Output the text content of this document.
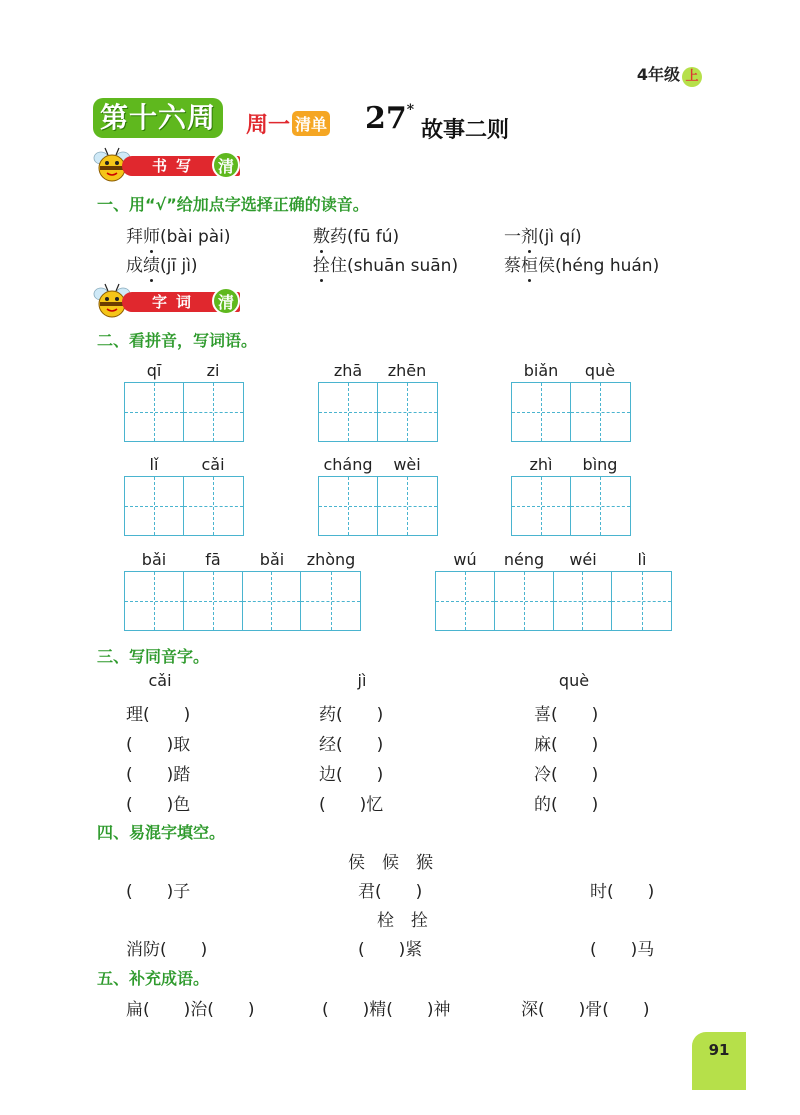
4年级 上
第十六周	周一 清单 27*
故事二则
书写	清
一、用“√”给加点字选择正确的读音。
拜师(bài pài)	敷药(fū fú)	一剂(jì qí)
成绩(jī jì)	拴住(shuān suān)	蔡桓侯(héng huán)
字词	清
二、看拼音，写词语。
qī	zi	zhā	zhēn	biǎn	què
lǐ	cǎi	cháng	wèi	zhì	bìng
bǎi	fā	bǎi	zhòng	wú	néng	wéi	lì
三、写同音字。
cǎi	jì	què
理(　　)	药(　　)	喜(　　)
(　　)取	经(　　)	麻(　　)
(　　)踏	边(　　)	冷(　　)
(　　)色	(　　)忆	的(　　)
四、易混字填空。
侯　候　猴
(　　)子	君(　　)	时(　　)
栓　拴
消防(　　)	(　　)紧	(　　)马
五、补充成语。
扁(　　)治(　　)	(　　)精(　　)神	深(　　)骨(　　)
91
